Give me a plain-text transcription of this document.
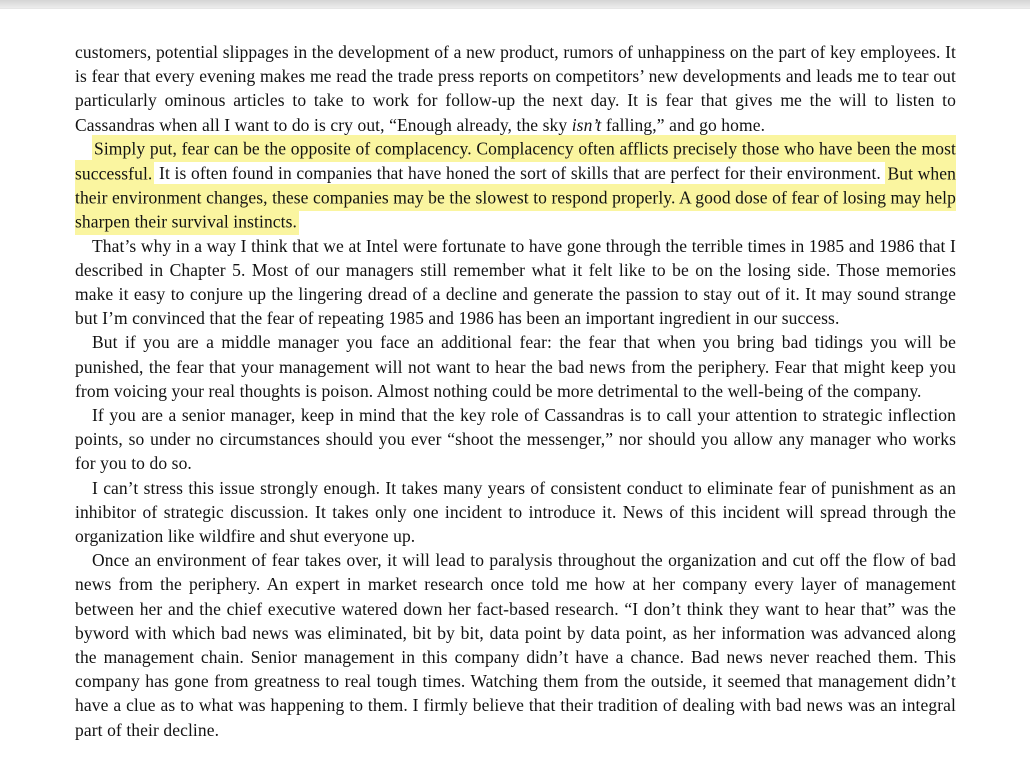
customers, potential slippages in the development of a new product, rumors of unhappiness on the part of key employees. It is fear that every evening makes me read the trade press reports on competitors’ new developments and leads me to tear out particularly ominous articles to take to work for follow-up the next day. It is fear that gives me the will to listen to Cassandras when all I want to do is cry out, “Enough already, the sky isn’t falling,” and go home.

Simply put, fear can be the opposite of complacency. Complacency often afflicts precisely those who have been the most successful. It is often found in companies that have honed the sort of skills that are perfect for their environment. But when their environment changes, these companies may be the slowest to respond properly. A good dose of fear of losing may help sharpen their survival instincts.

That’s why in a way I think that we at Intel were fortunate to have gone through the terrible times in 1985 and 1986 that I described in Chapter 5. Most of our managers still remember what it felt like to be on the losing side. Those memories make it easy to conjure up the lingering dread of a decline and generate the passion to stay out of it. It may sound strange but I’m convinced that the fear of repeating 1985 and 1986 has been an important ingredient in our success.

But if you are a middle manager you face an additional fear: the fear that when you bring bad tidings you will be punished, the fear that your management will not want to hear the bad news from the periphery. Fear that might keep you from voicing your real thoughts is poison. Almost nothing could be more detrimental to the well-being of the company.

If you are a senior manager, keep in mind that the key role of Cassandras is to call your attention to strategic inflection points, so under no circumstances should you ever “shoot the messenger,” nor should you allow any manager who works for you to do so.

I can’t stress this issue strongly enough. It takes many years of consistent conduct to eliminate fear of punishment as an inhibitor of strategic discussion. It takes only one incident to introduce it. News of this incident will spread through the organization like wildfire and shut everyone up.

Once an environment of fear takes over, it will lead to paralysis throughout the organization and cut off the flow of bad news from the periphery. An expert in market research once told me how at her company every layer of management between her and the chief executive watered down her fact-based research. “I don’t think they want to hear that” was the byword with which bad news was eliminated, bit by bit, data point by data point, as her information was advanced along the management chain. Senior management in this company didn’t have a chance. Bad news never reached them. This company has gone from greatness to real tough times. Watching them from the outside, it seemed that management didn’t have a clue as to what was happening to them. I firmly believe that their tradition of dealing with bad news was an integral part of their decline.
